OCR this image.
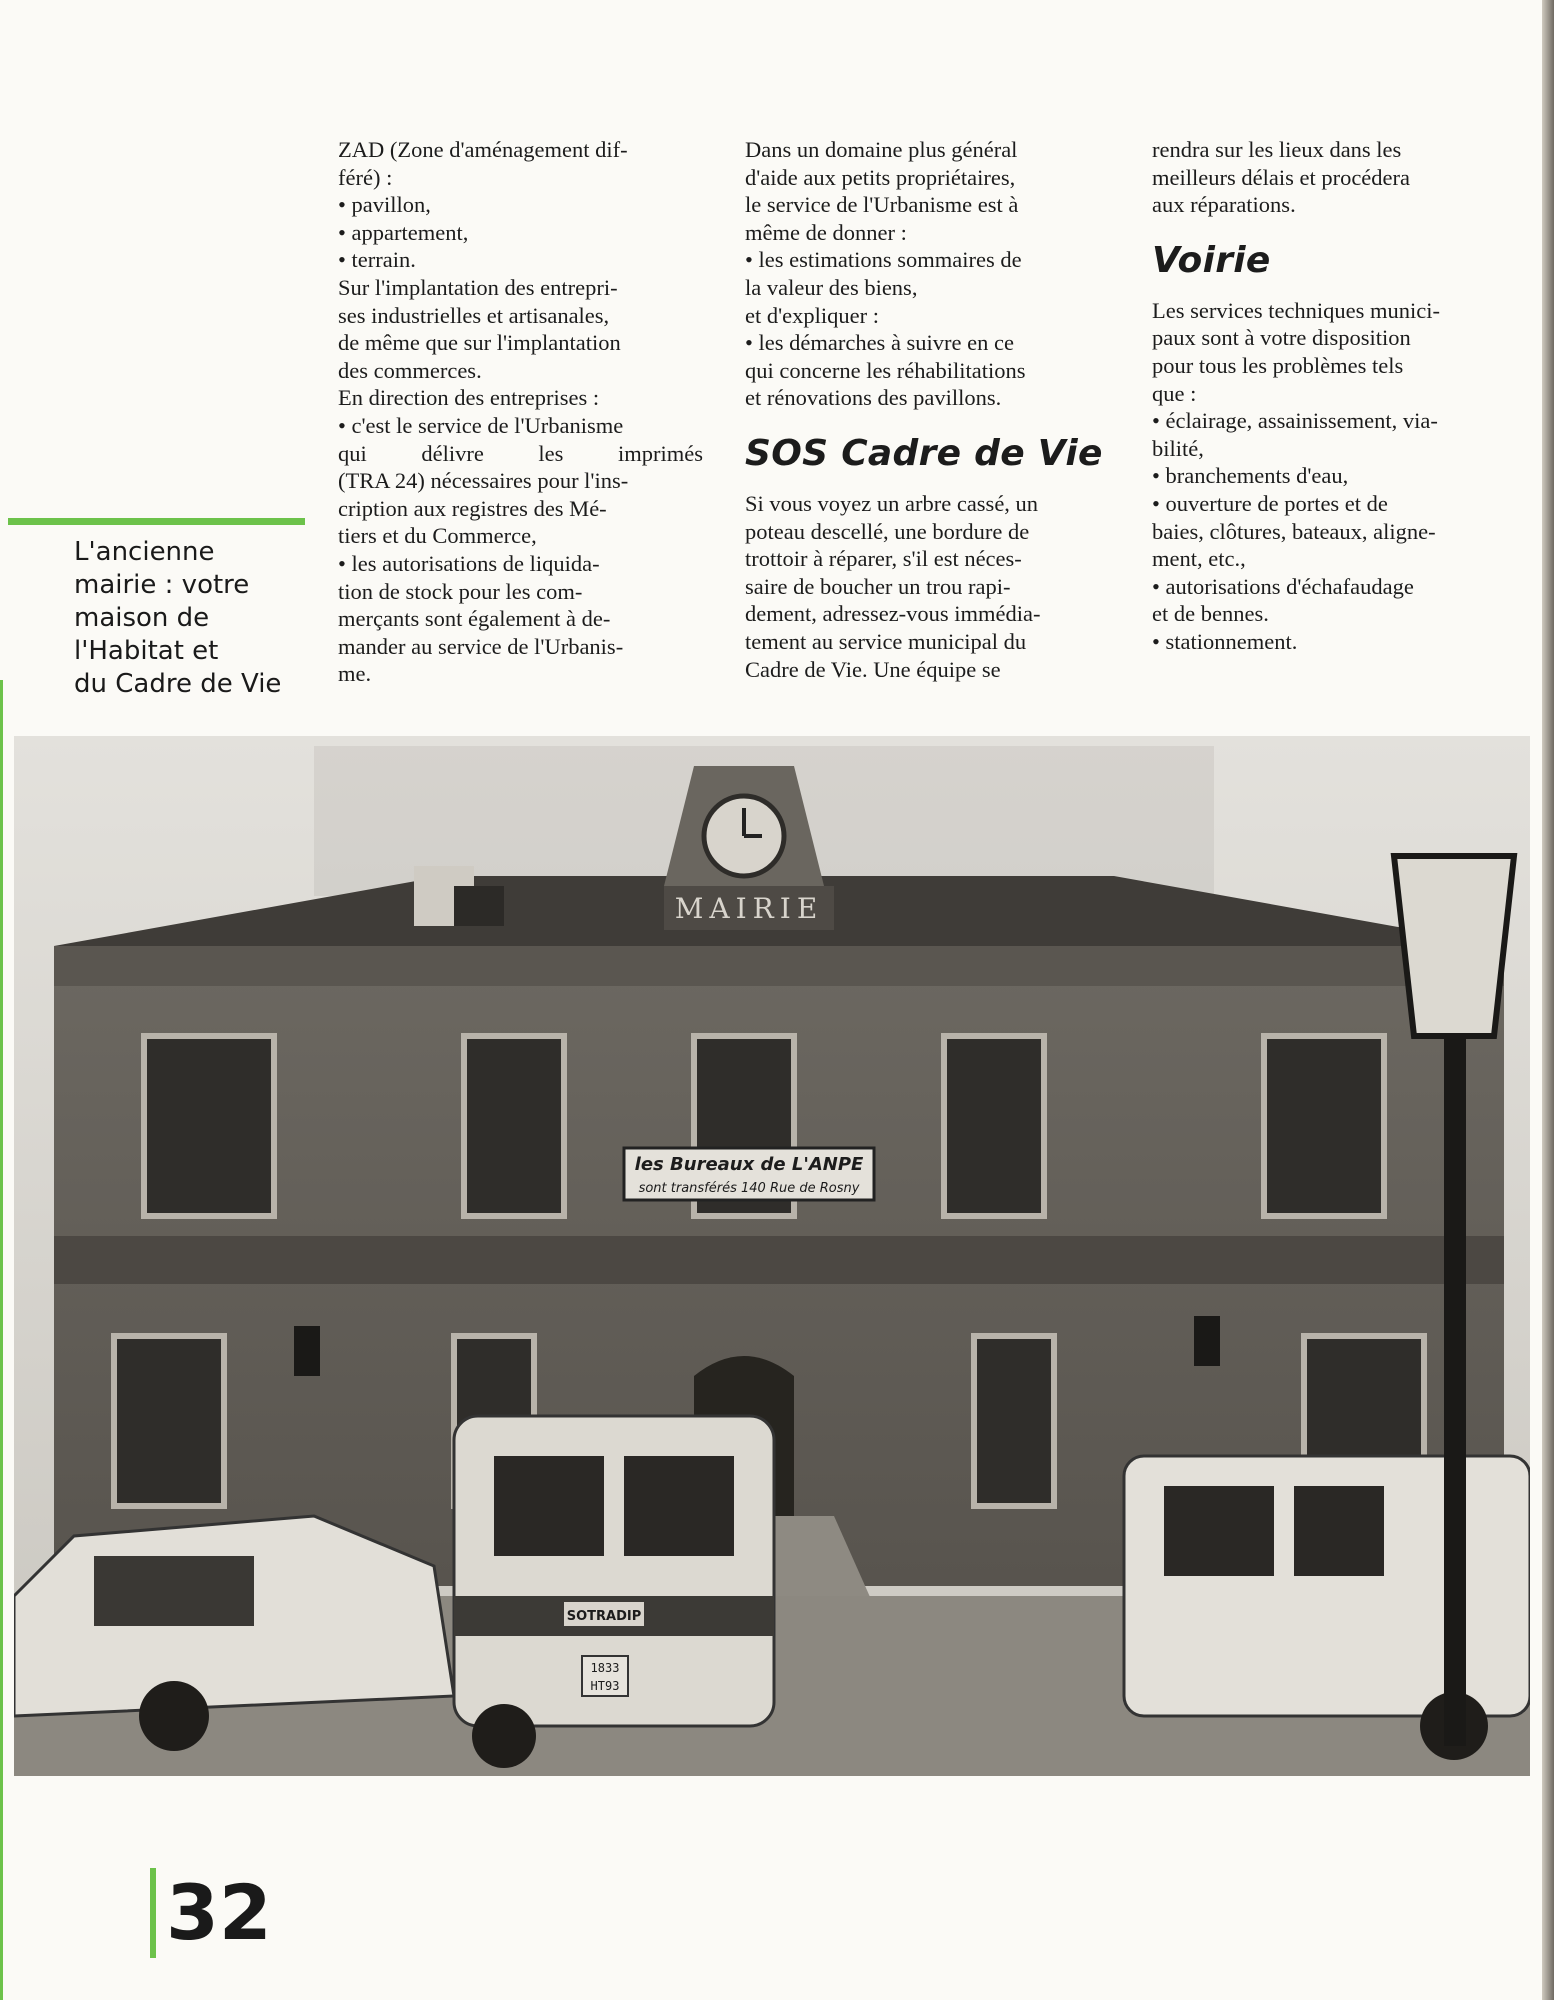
L'ancienne
mairie : votre
maison de
l'Habitat et
du Cadre de Vie

ZAD (Zone d'aménagement dif-

féré) :

• pavillon,

• appartement,

• terrain.

Sur l'implantation des entrepri-

ses industrielles et artisanales,

de même que sur l'implantation

des commerces.

En direction des entreprises :

• c'est le service de l'Urbanisme

qui délivre les imprimés

(TRA 24) nécessaires pour l'ins-

cription aux registres des Mé-

tiers et du Commerce,

• les autorisations de liquida-

tion de stock pour les com-

merçants sont également à de-

mander au service de l'Urbanis-

me.

Dans un domaine plus général

d'aide aux petits propriétaires,

le service de l'Urbanisme est à

même de donner :

• les estimations sommaires de

la valeur des biens,

et d'expliquer :

• les démarches à suivre en ce

qui concerne les réhabilitations

et rénovations des pavillons.

SOS Cadre de Vie

Si vous voyez un arbre cassé, un

poteau descellé, une bordure de

trottoir à réparer, s'il est néces-

saire de boucher un trou rapi-

dement, adressez-vous immédia-

tement au service municipal du

Cadre de Vie. Une équipe se

rendra sur les lieux dans les

meilleurs délais et procédera

aux réparations.

Voirie

Les services techniques munici-

paux sont à votre disposition

pour tous les problèmes tels

que :

• éclairage, assainissement, via-

bilité,

• branchements d'eau,

• ouverture de portes et de

baies, clôtures, bateaux, aligne-

ment, etc.,

• autorisations d'échafaudage

et de bennes.

• stationnement.

MAIRIE
les Bureaux de L'ANPE
sont transférés 140 Rue de Rosny
SOTRADIP
1833
HT93
32
